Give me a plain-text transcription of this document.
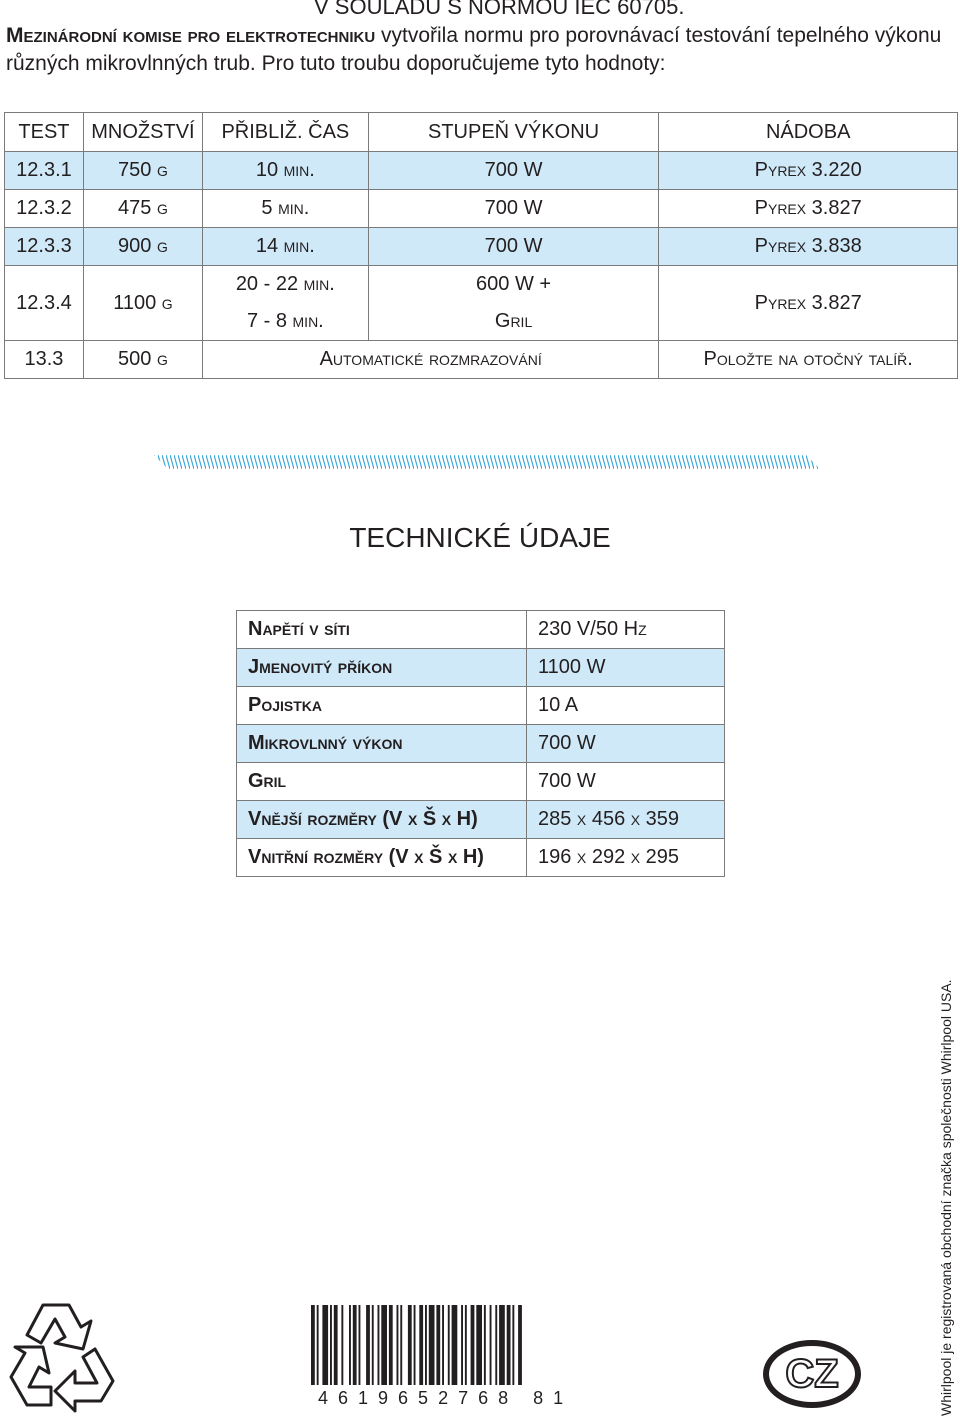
V SOULADU S NORMOU IEC 60705.
Mezinárodní komise pro elektrotechniku vytvořila normu pro porovnávací testování tepelného výkonu různých mikrovlnných trub. Pro tuto troubu doporučujeme tyto hodnoty:
TEST	MNOŽSTVÍ	PŘIBLIŽ. ČAS	STUPEŇ VÝKONU	NÁDOBA
12.3.1	750 g	10 min.	700 W	Pyrex 3.220
12.3.2	475 g	5 min.	700 W	Pyrex 3.827
12.3.3	900 g	14 min.	700 W	Pyrex 3.838
12.3.4	1100 g	20 - 22 min.	600 W +	Pyrex 3.827
		7 - 8 min.	Gril	
13.3	500 g	Automatické rozmrazování		Položte na otočný talíř.
TECHNICKÉ ÚDAJE
Napětí v síti	230 V/50 Hz
Jmenovitý příkon	1100 W
Pojistka	10 A
Mikrovlnný výkon	700 W
Gril	700 W
Vnější rozměry (V x Š x H)	285 x 456 x 359
Vnitřní rozměry (V x Š x H)	196 x 292 x 295
4619652768 81
CZ	Whirlpool je registrovaná obchodní značka společnosti Whirlpool USA.
